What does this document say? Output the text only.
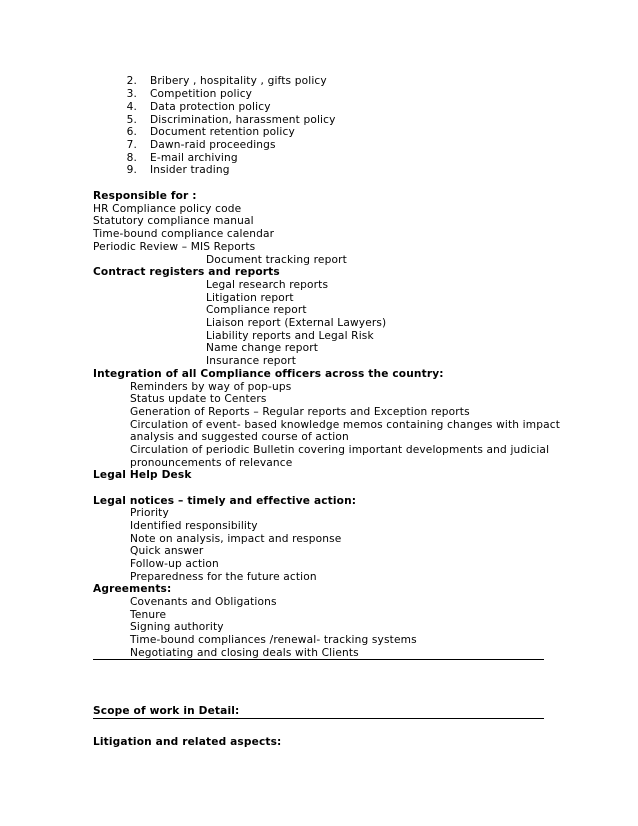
2. Bribery , hospitality , gifts policy
3. Competition policy
4. Data protection policy
5. Discrimination, harassment policy
6. Document retention policy
7. Dawn-raid proceedings
8. E-mail archiving
9. Insider trading
Responsible for :
HR Compliance policy code
Statutory compliance manual
Time-bound compliance calendar
Periodic Review – MIS Reports
Document tracking report
Contract registers and reports
Legal research reports
Litigation report
Compliance report
Liaison report (External Lawyers)
Liability reports and Legal Risk
Name change report
Insurance report
Integration of all Compliance officers across the country:
Reminders by way of pop-ups
Status update to Centers
Generation of Reports – Regular reports and Exception reports
Circulation of event- based knowledge memos containing changes with impact
analysis and suggested course of action
Circulation of periodic Bulletin covering important developments and judicial
pronouncements of relevance
Legal Help Desk
Legal notices – timely and effective action:
Priority
Identified responsibility
Note on analysis, impact and response
Quick answer
Follow-up action
Preparedness for the future action
Agreements:
Covenants and Obligations
Tenure
Signing authority
Time-bound compliances /renewal- tracking systems
Negotiating and closing deals with Clients
Scope of work in Detail:
Litigation and related aspects:
